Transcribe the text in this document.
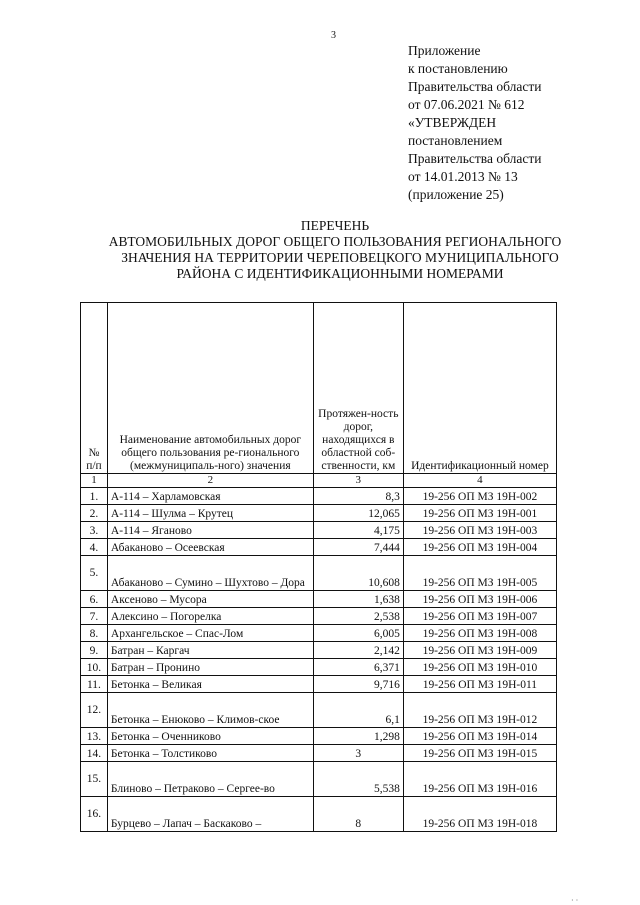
3
Приложение
к постановлению
Правительства области
от 07.06.2021 № 612
«УТВЕРЖДЕН
постановлением
Правительства области
от 14.01.2013 № 13
(приложение 25)
ПЕРЕЧЕНЬ
АВТОМОБИЛЬНЫХ ДОРОГ ОБЩЕГО ПОЛЬЗОВАНИЯ РЕГИОНАЛЬНОГО
ЗНАЧЕНИЯ НА ТЕРРИТОРИИ ЧЕРЕПОВЕЦКОГО МУНИЦИПАЛЬНОГО
РАЙОНА С ИДЕНТИФИКАЦИОННЫМИ НОМЕРАМИ
№ п/п	Наименование автомобильных дорог общего пользования ре-гионального (межмуниципаль-ного) значения	Протяжен-ность дорог, находящихся в областной соб-ственности, км	Идентификационный номер
1	2	3	4
1.	А-114 – Харламовская	8,3	19-256 ОП МЗ 19Н-002
2.	А-114 – Шулма – Крутец	12,065	19-256 ОП МЗ 19Н-001
3.	А-114 – Яганово	4,175	19-256 ОП МЗ 19Н-003
4.	Абаканово – Осеевская	7,444	19-256 ОП МЗ 19Н-004
5.	Абаканово – Сумино – Шухтово – Дора	10,608	19-256 ОП МЗ 19Н-005
6.	Аксеново – Мусора	1,638	19-256 ОП МЗ 19Н-006
7.	Алексино – Погорелка	2,538	19-256 ОП МЗ 19Н-007
8.	Архангельское – Спас-Лом	6,005	19-256 ОП МЗ 19Н-008
9.	Батран – Каргач	2,142	19-256 ОП МЗ 19Н-009
10.	Батран – Пронино	6,371	19-256 ОП МЗ 19Н-010
11.	Бетонка – Великая	9,716	19-256 ОП МЗ 19Н-011
12.	Бетонка – Енюково – Климов-ское	6,1	19-256 ОП МЗ 19Н-012
13.	Бетонка – Оченниково	1,298	19-256 ОП МЗ 19Н-014
14.	Бетонка – Толстиково	3	19-256 ОП МЗ 19Н-015
15.	Блиново – Петраково – Сергее-во	5,538	19-256 ОП МЗ 19Н-016
16.	Бурцево – Лапач – Баскаково –	8	19-256 ОП МЗ 19Н-018
· ·
